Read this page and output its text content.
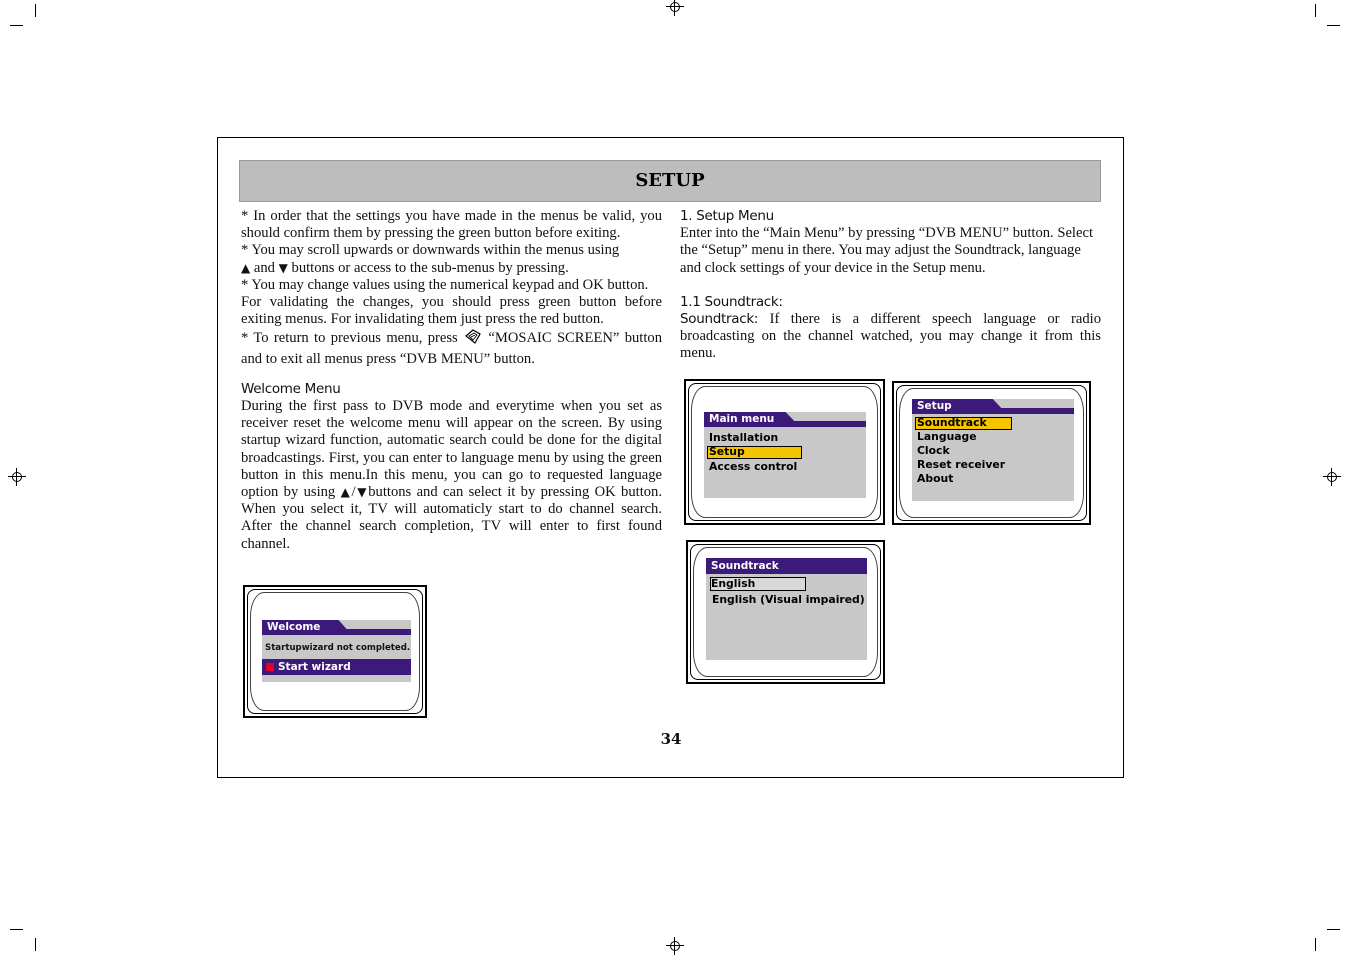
SETUP

* In order that the settings you have made in the menus be valid, you should confirm them by pressing the green button before exiting.

* You may scroll upwards or downwards within the menus using
▲ and ▼ buttons or access to the sub-menus by pressing.

* You may change values using the numerical keypad and OK button.

For validating the changes, you should press green button before exiting menus. For invalidating them just press the red button.

* To return to previous menu, press “MOSAIC SCREEN” button and to exit all menus press “DVB MENU” button.

Welcome Menu

During the first pass to DVB mode and everytime when you set as receiver reset the welcome menu will appear on the screen. By using startup wizard function, automatic search could be done for the digital broadcastings. First, you can enter to language menu by using the green button in this menu.In this menu, you can go to requested language option by using ▲/▼buttons and can select it by pressing OK button. When you select it, TV will automaticly start to do channel search. After the channel search completion, TV will enter to first found channel.

1. Setup Menu

Enter into the “Main Menu” by pressing “DVB MENU” button. Select the “Setup” menu in there. You may adjust the Soundtrack, language and clock settings of your device in the Setup menu.

1.1 Soundtrack:

Soundtrack: If there is a different speech language or radio broadcasting on the channel watched, you may change it from this menu.

Welcome
Startupwizard not completed.
Start wizard
Main menu
Installation
Setup
Access control
Setup
Soundtrack
Language
Clock
Reset receiver
About
Soundtrack
English
English (Visual impaired)
34
